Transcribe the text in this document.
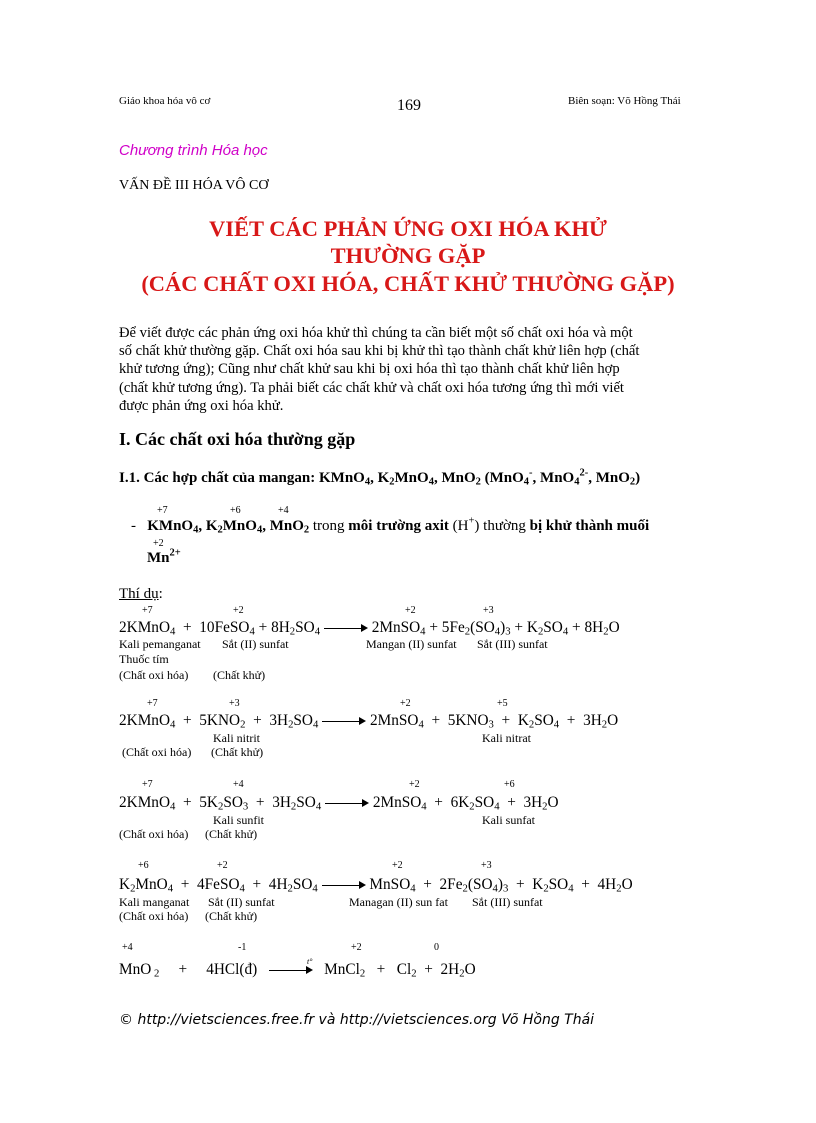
Giáo khoa hóa vô cơ	169	Biên soạn: Võ Hồng Thái
Chương trình Hóa học
VẤN ĐỀ III HÓA VÔ CƠ
VIẾT CÁC PHẢN ỨNG OXI HÓA KHỬ
THƯỜNG GẶP
(CÁC CHẤT OXI HÓA, CHẤT KHỬ THƯỜNG GẶP)
Để viết được các phản ứng oxi hóa khử thì chúng ta cần biết một số chất oxi hóa và một
số chất khử thường gặp. Chất oxi hóa sau khi bị khử thì tạo thành chất khử liên hợp (chất
khử tương ứng); Cũng như chất khử sau khi bị oxi hóa thì tạo thành chất khử liên hợp
(chất khử tương ứng). Ta phải biết các chất khử và chất oxi hóa tương ứng thì mới viết
được phản ứng oxi hóa khử.
I. Các chất oxi hóa thường gặp
I.1. Các hợp chất của mangan: KMnO$_4$, $K_2MnO_4$, MnO$_2$ (MnO$_4$-, MnO$_4^{2-}$, MnO$_2$)
+7	+6	+4
-   KMnO$_4$, $K_2MnO_4$, MnO$_2$ trong môi trường axit (H+) thường bị khử thành muối
+2
$Mn^{2+}$
Thí dụ:
+7	+2	+2	+3
2KMnO$_4$  +  10FeSO$_4$ + $8H_2SO_4$	2MnSO$_4$ + $5Fe_2(SO_4)_3 + K_2SO_4 + 8H_2O$
Kali pemanganat Sắt (II) sunfat	Mangan (II) sunfat Sắt (III) sunfat
Thuốc tím
(Chất oxi hóa) (Chất khử)
+7	+3	+2	+5
2KMnO$_4$  +  $5KNO_2 + 3H_2SO_4$	2MnSO$_4$  +  $5KNO_3 + K_2SO_4 + 3H_2O$
Kali nitrit	Kali nitrat
(Chất oxi hóa) (Chất khử)
+7	+4	+2	+6
2KMnO$_4$  +  $5K_2SO_3 + 3H_2SO_4$	2MnSO$_4$  +  $6K_2SO_4 + 3H_2O$
Kali sunfit	Kali sunfat
(Chất oxi hóa) (Chất khử)
+6	+2	+2	+3
$K_2MnO_4$  +  4FeSO$_4$  +  $4H_2SO_4$	MnSO$_4$  +  $2Fe_2(SO_4)_3 + K_2SO_4 + 4H_2O$
Kali manganat Sắt (II) sunfat	Managan (II) sun fat Sắt (III) sunfat
(Chất oxi hóa) (Chất khử)
+4	-1	+2	0
t°
MnO $_2$     +     4HCl(đ)	MnCl$_2$   +   $Cl_2 + 2H_2O$
© http://vietsciences.free.fr và http://vietsciences.org Võ Hồng Thái
